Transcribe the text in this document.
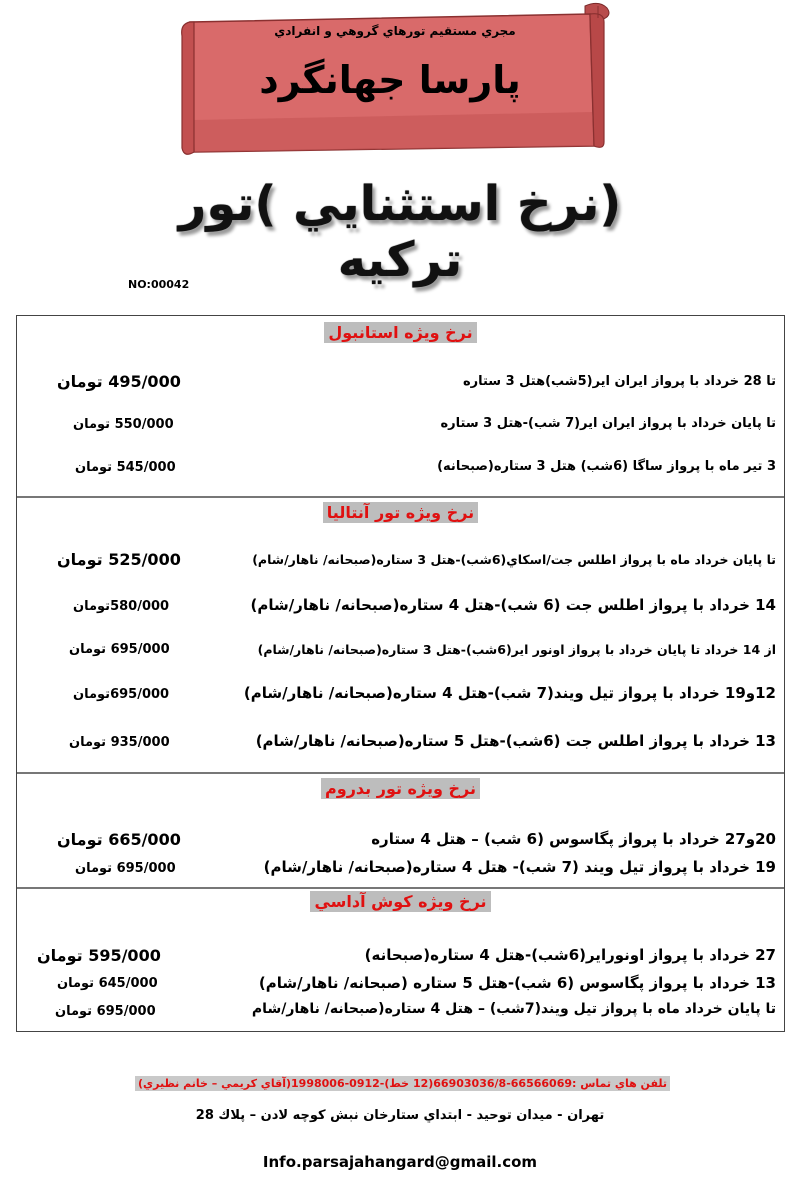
مجري مستقيم تورهاي گروهي و انفرادي
پارسا جهانگرد
(نرخ استثنايي )تور تركيه
NO:00042
نرخ ويژه استانبول
تا 28 خرداد با پرواز ايران اير(5شب)هتل 3 ستاره
495/000 تومان
تا پايان خرداد با پرواز ايران اير(7 شب)-هتل 3 ستاره
550/000 تومان
3 تير ماه با پرواز ساگا (6شب) هتل 3 ستاره(صبحانه)
545/000 تومان
نرخ ويژه تور آنتاليا
تا پايان خرداد ماه با پرواز اطلس جت/اسكاي(6شب)-هتل 3 ستاره(صبحانه/ ناهار/شام)
525/000 تومان
14 خرداد با پرواز اطلس جت (6 شب)-هتل 4 ستاره(صبحانه/ ناهار/شام)
580/000تومان
از 14 خرداد تا پايان خرداد با پرواز اونور اير(6شب)-هتل 3 ستاره(صبحانه/ ناهار/شام)
695/000 تومان
12و19 خرداد با پرواز تيل ويند(7 شب)-هتل 4 ستاره(صبحانه/ ناهار/شام)
695/000تومان
13 خرداد با پرواز اطلس جت (6شب)-هتل 5 ستاره(صبحانه/ ناهار/شام)
935/000 تومان
نرخ ويژه تور بدروم
20و27 خرداد با پرواز پگاسوس (6 شب) – هتل 4 ستاره
665/000 تومان
19 خرداد با پرواز تيل ويند (7 شب)- هتل 4 ستاره(صبحانه/ ناهار/شام)
695/000 تومان
نرخ ويژه كوش آداسي
27 خرداد با پرواز اونوراير(6شب)-هتل 4 ستاره(صبحانه)
595/000 تومان
13 خرداد با پرواز پگاسوس (6 شب)-هتل 5 ستاره (صبحانه/ ناهار/شام)
645/000 تومان
تا پايان خرداد ماه با پرواز تيل ويند(7شب) – هتل 4 ستاره(صبحانه/ ناهار/شام
695/000 تومان
تلفن هاي تماس :66566069-66903036/8(12 خط)-0912-1998006(آقاي كريمي – خانم نظيري)
تهران - ميدان توحيد - ابتداي ستارخان نبش كوچه لادن – پلاك 28
Info.parsajahangard@gmail.com
